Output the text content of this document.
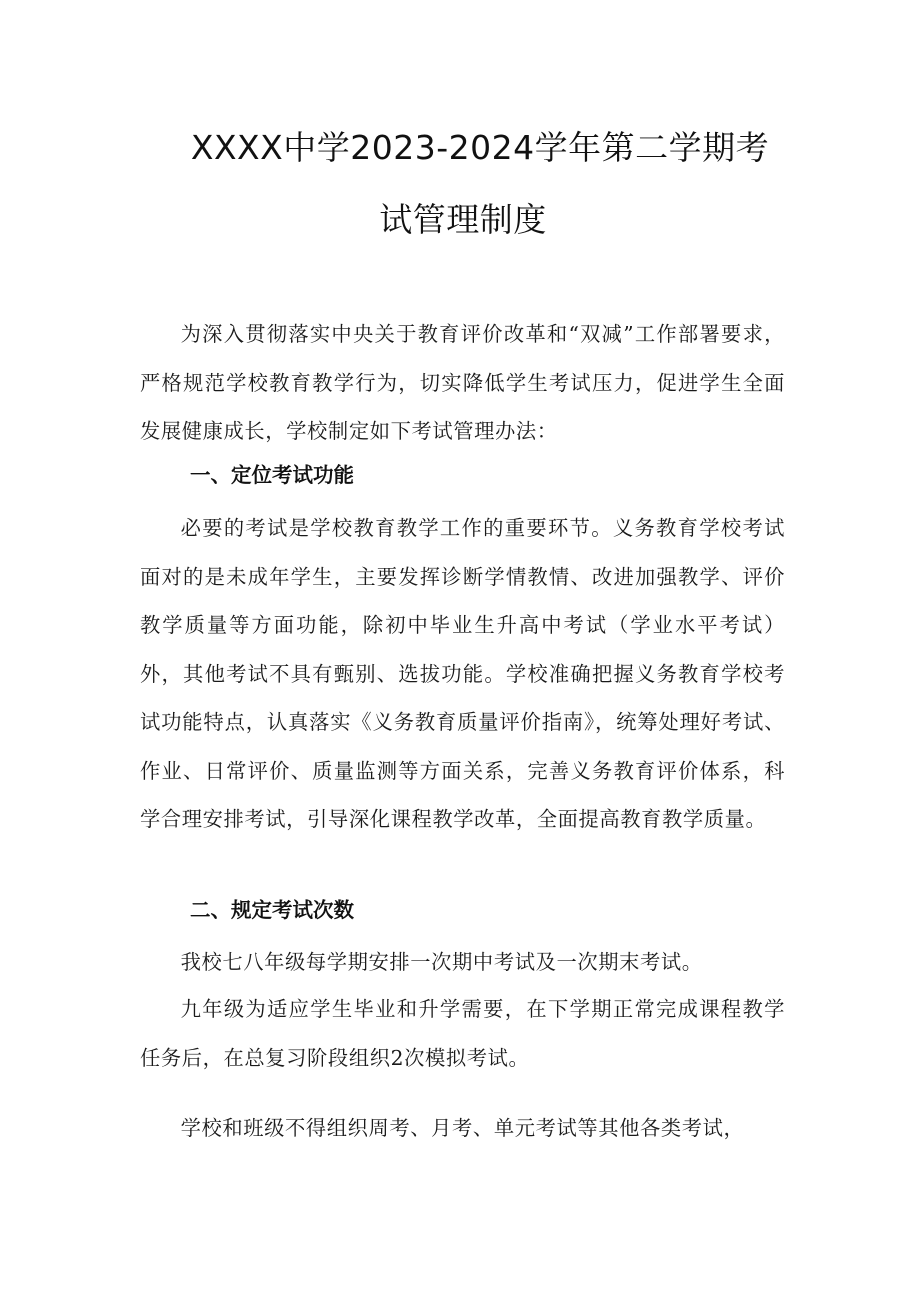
XXXX中学2023-2024学年第二学期考
试管理制度

为深入贯彻落实中央关于教育评价改革和“双减”工作部署要求，严格规范学校教育教学行为，切实降低学生考试压力，促进学生全面发展健康成长，学校制定如下考试管理办法：

一、定位考试功能

必要的考试是学校教育教学工作的重要环节。义务教育学校考试面对的是未成年学生，主要发挥诊断学情教情、改进加强教学、评价教学质量等方面功能，除初中毕业生升高中考试（学业水平考试）外，其他考试不具有甄别、选拔功能。学校准确把握义务教育学校考试功能特点，认真落实《义务教育质量评价指南》，统筹处理好考试、作业、日常评价、质量监测等方面关系，完善义务教育评价体系，科学合理安排考试，引导深化课程教学改革，全面提高教育教学质量。

二、规定考试次数

我校七八年级每学期安排一次期中考试及一次期末考试。

九年级为适应学生毕业和升学需要，在下学期正常完成课程教学任务后，在总复习阶段组织2次模拟考试。

学校和班级不得组织周考、月考、单元考试等其他各类考试，
